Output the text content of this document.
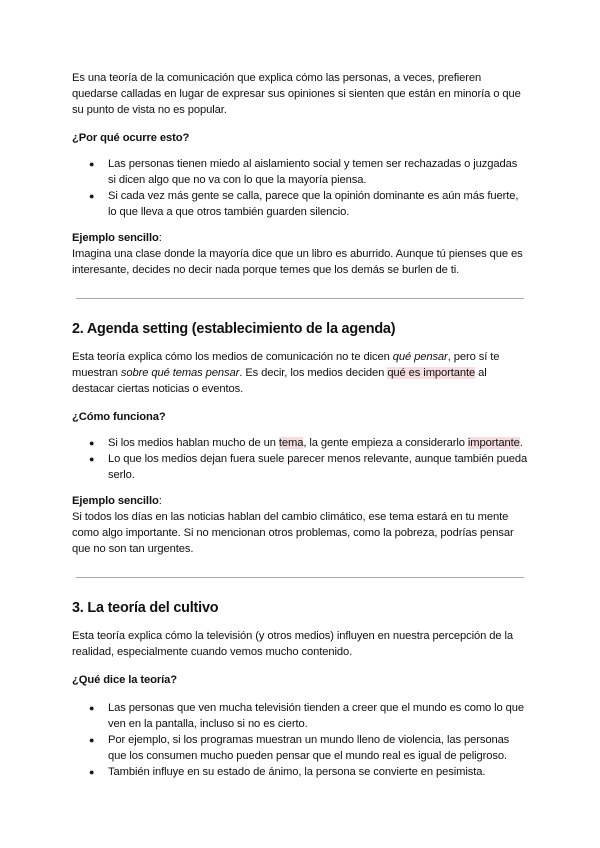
Es una teoría de la comunicación que explica cómo las personas, a veces, prefieren quedarse calladas en lugar de expresar sus opiniones si sienten que están en minoría o que su punto de vista no es popular.

¿Por qué ocurre esto?

● Las personas tienen miedo al aislamiento social y temen ser rechazadas o juzgadas si dicen algo que no va con lo que la mayoría piensa.
● Si cada vez más gente se calla, parece que la opinión dominante es aún más fuerte, lo que lleva a que otros también guarden silencio.

Ejemplo sencillo:

Imagina una clase donde la mayoría dice que un libro es aburrido. Aunque tú pienses que es interesante, decides no decir nada porque temes que los demás se burlen de ti.

2. Agenda setting (establecimiento de la agenda)

Esta teoría explica cómo los medios de comunicación no te dicen qué pensar, pero sí te muestran sobre qué temas pensar. Es decir, los medios deciden qué es importante al destacar ciertas noticias o eventos.

¿Cómo funciona?

● Si los medios hablan mucho de un tema, la gente empieza a considerarlo importante.
● Lo que los medios dejan fuera suele parecer menos relevante, aunque también pueda serlo.

Ejemplo sencillo:

Si todos los días en las noticias hablan del cambio climático, ese tema estará en tu mente como algo importante. Si no mencionan otros problemas, como la pobreza, podrías pensar que no son tan urgentes.

3. La teoría del cultivo

Esta teoría explica cómo la televisión (y otros medios) influyen en nuestra percepción de la realidad, especialmente cuando vemos mucho contenido.

¿Qué dice la teoría?

● Las personas que ven mucha televisión tienden a creer que el mundo es como lo que ven en la pantalla, incluso si no es cierto.
● Por ejemplo, si los programas muestran un mundo lleno de violencia, las personas que los consumen mucho pueden pensar que el mundo real es igual de peligroso.
● También influye en su estado de ánimo, la persona se convierte en pesimista.
